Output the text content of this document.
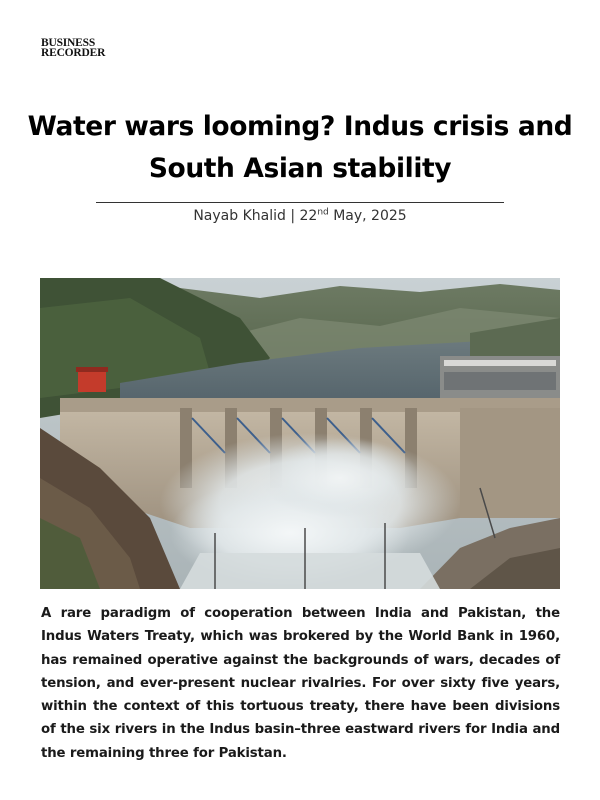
BUSINESS
RECORDER
Water wars looming? Indus crisis and
South Asian stability
Nayab Khalid | 22nd May, 2025

A rare paradigm of cooperation between India and Pakistan, the Indus Waters Treaty, which was brokered by the World Bank in 1960, has remained operative against the backgrounds of wars, decades of tension, and ever-present nuclear rivalries. For over sixty five years, within the context of this tortuous treaty, there have been divisions of the six rivers in the Indus basin–three eastward rivers for India and the remaining three for Pakistan.
